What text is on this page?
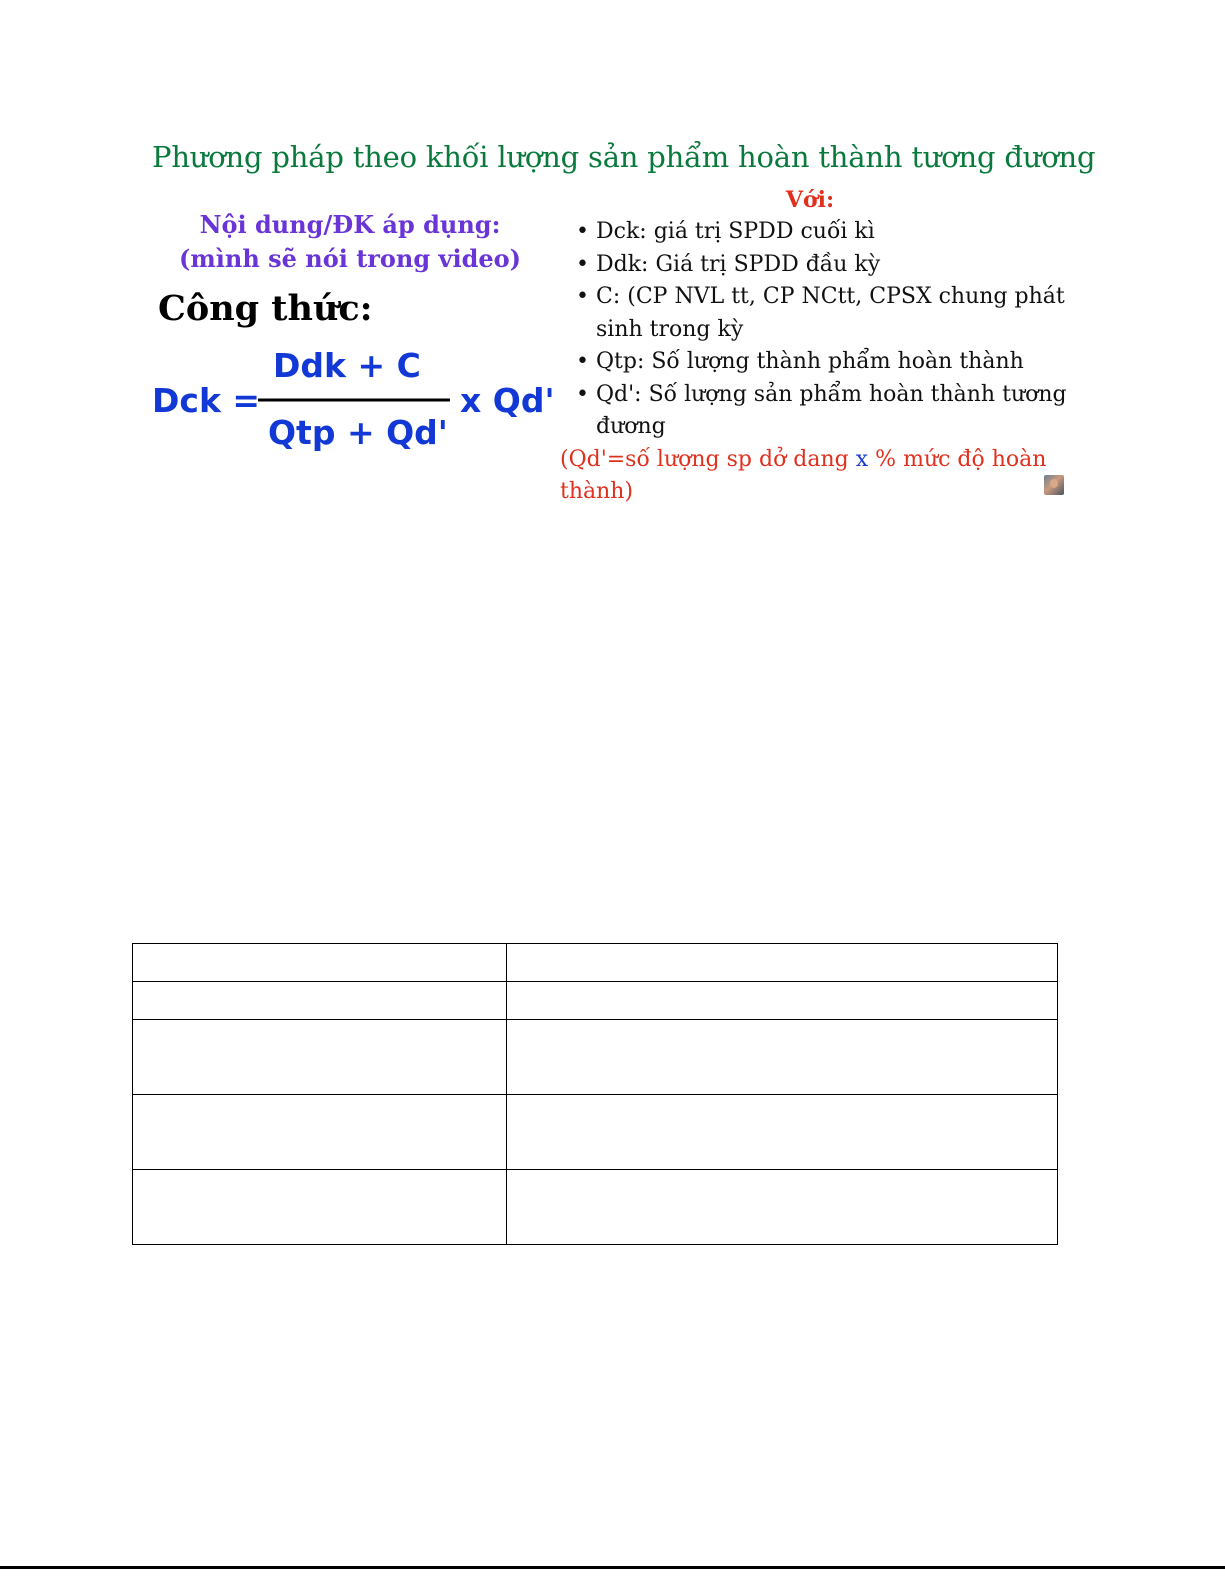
Phương pháp theo khối lượng sản phẩm hoàn thành tương đương
Nội dung/ĐK áp dụng:
(mình sẽ nói trong video)
Công thức:
Dck =
Ddk + C
Qtp + Qd'
x Qd'
Với:
• Dck: giá trị SPDD cuối kì
• Ddk: Giá trị SPDD đầu kỳ
• C: (CP NVL tt, CP NCtt, CPSX chung phát sinh trong kỳ
• Qtp: Số lượng thành phẩm hoàn thành
• Qd': Số lượng sản phẩm hoàn thành tương đương
(Qd'=số lượng sp dở dang x % mức độ hoàn thành)
